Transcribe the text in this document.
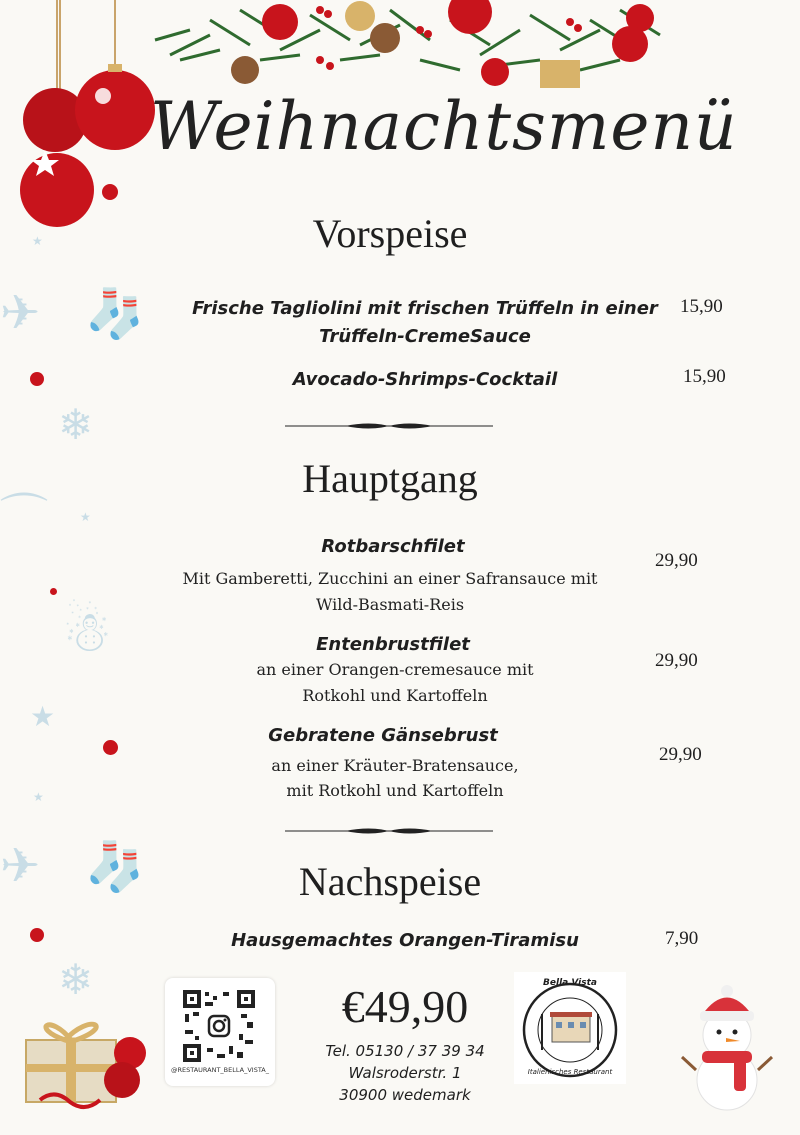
★
✈ 🧦
❄
⌒	★
☃
★
★
✈ 🧦
❄
Weihnachtsmenü
Vorspeise
Frische Tagliolini mit frischen Trüffeln in einer
Trüffeln-CremeSauce
15,90
Avocado-Shrimps-Cocktail	15,90
Hauptgang
Rotbarschfilet
Mit Gamberetti, Zucchini an einer Safransauce mit
Wild-Basmati-Reis
29,90
Entenbrustfilet
an einer Orangen-cremesauce mit
Rotkohl und Kartoffeln
29,90
Gebratene Gänsebrust
an einer Kräuter-Bratensauce,
mit Rotkohl und Kartoffeln
29,90
Nachspeise
Hausgemachtes Orangen-Tiramisu	7,90
@RESTAURANT_BELLA_VISTA_
€49,90
Tel. 05130 / 37 39 34
Walsroderstr. 1
30900 wedemark
Bella Vista
Italienisches Restaurant
